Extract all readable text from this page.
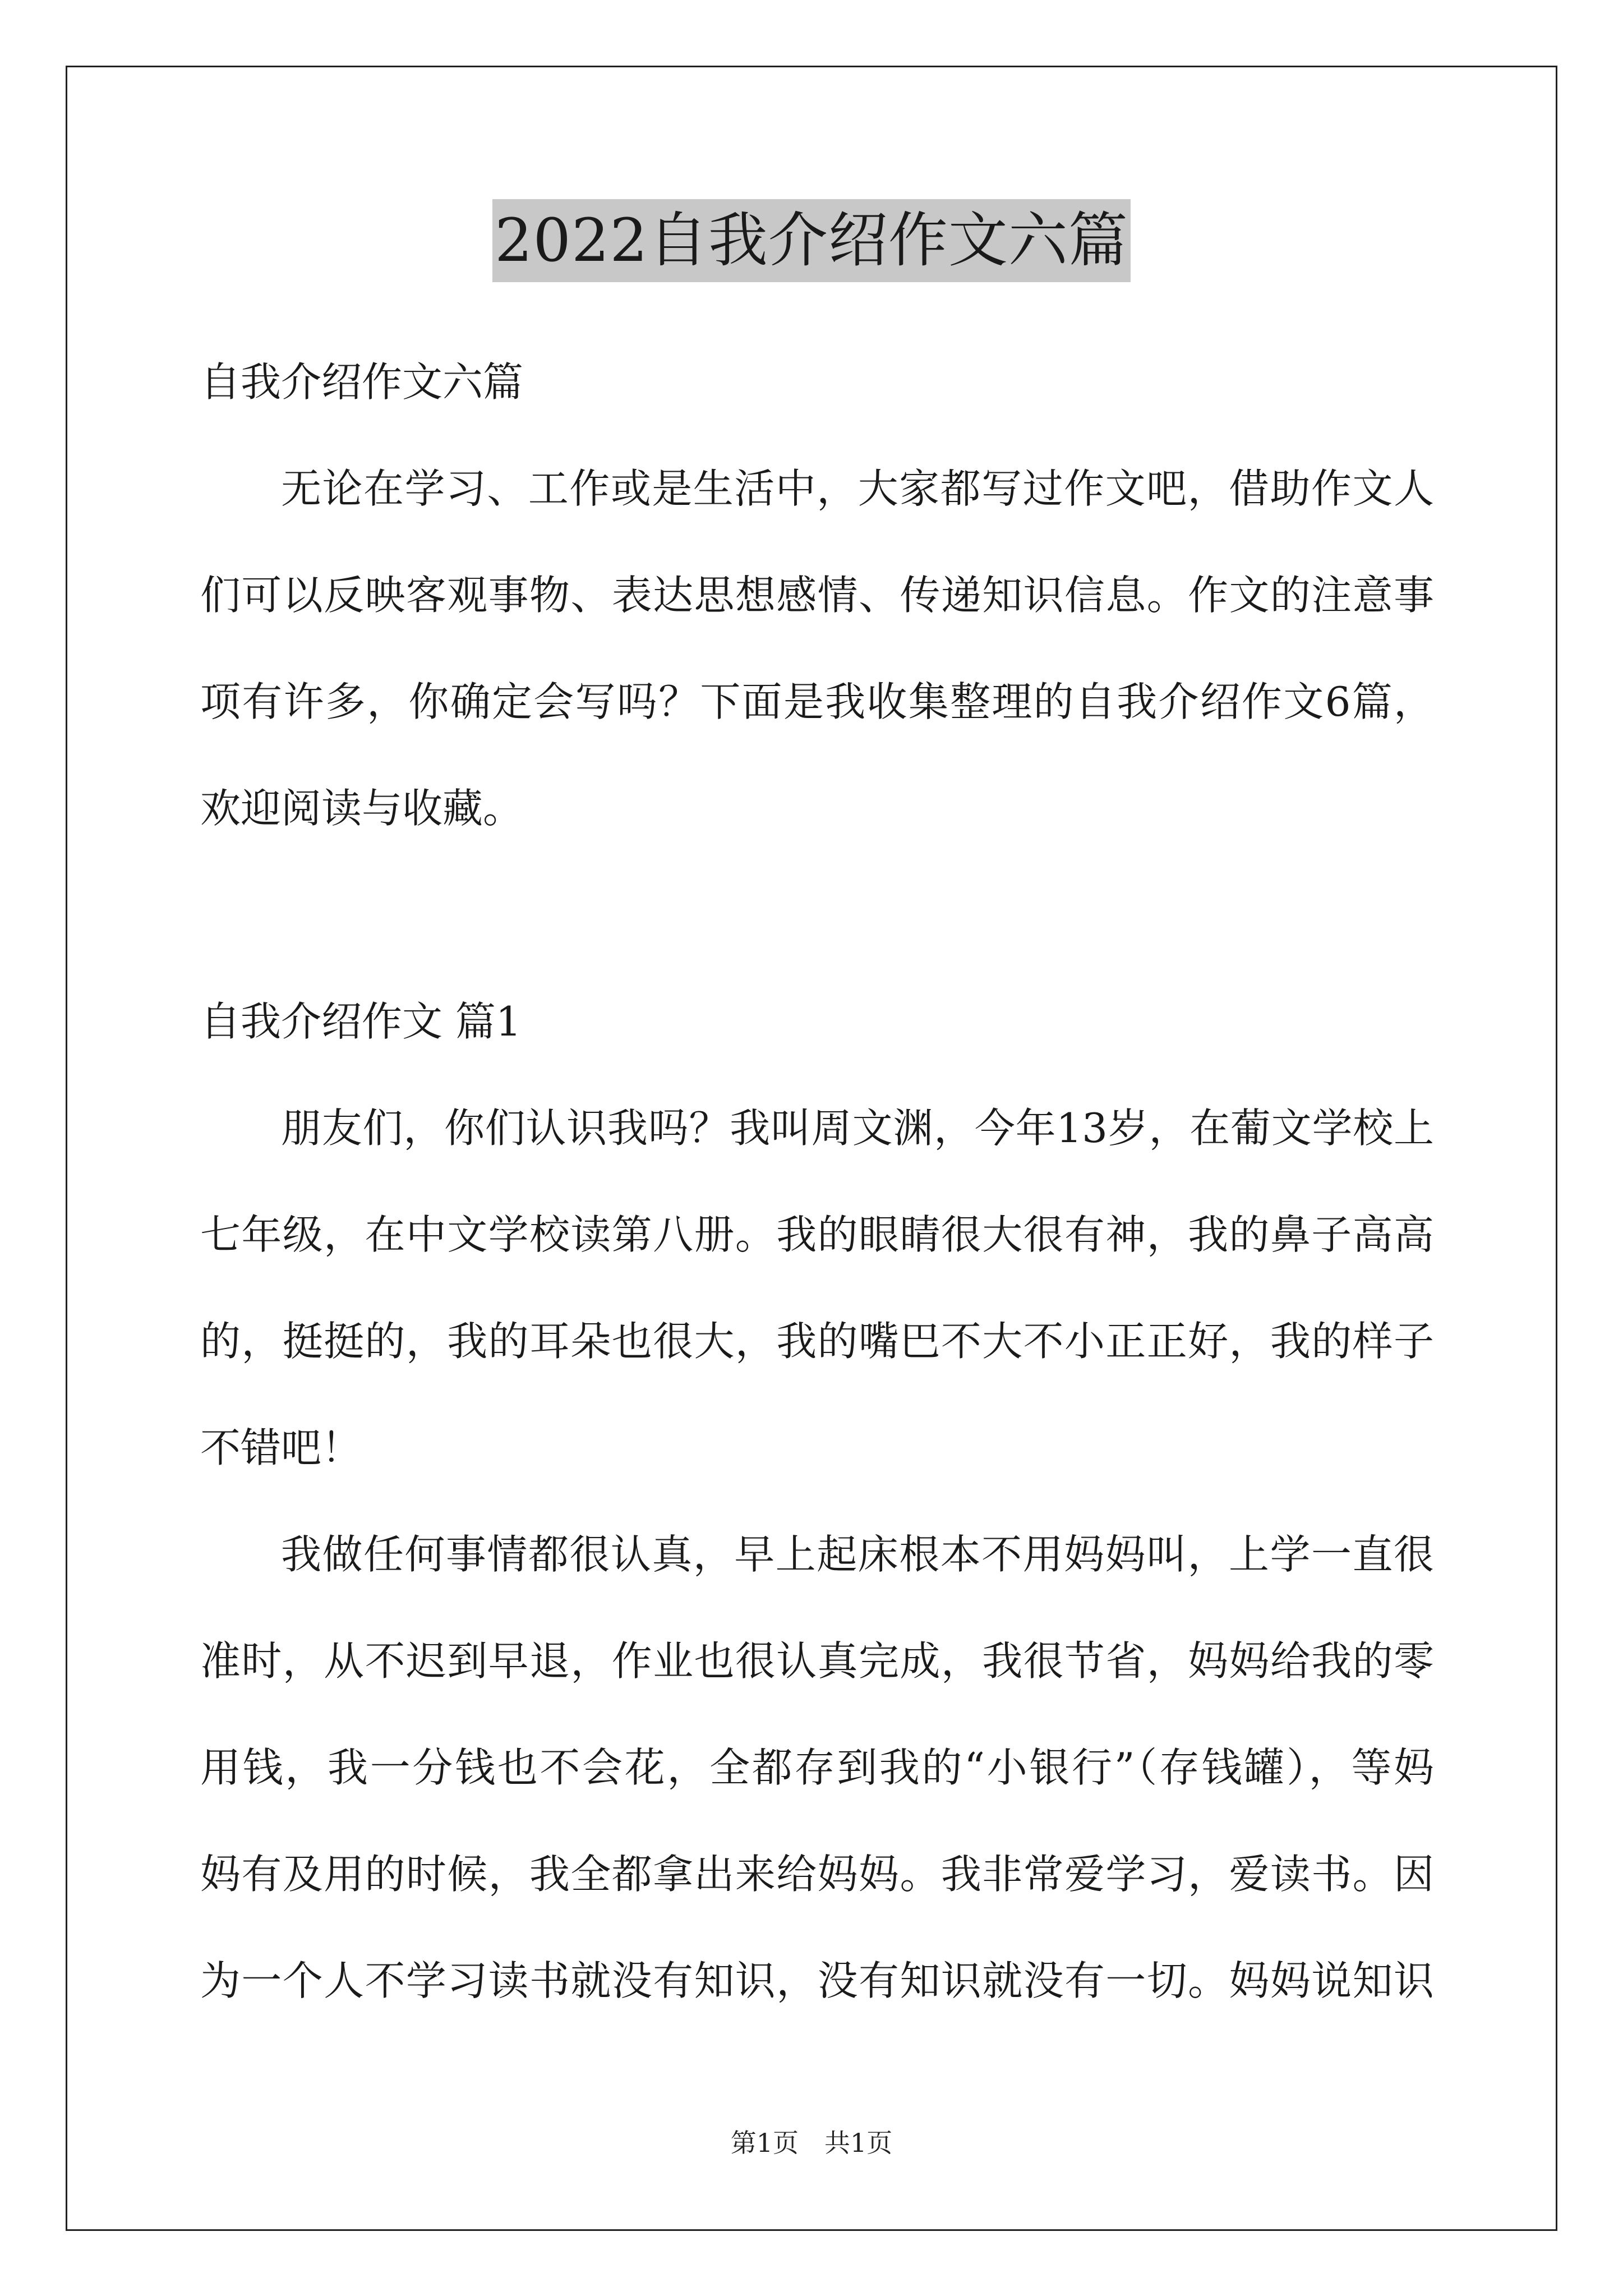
2022自我介绍作文六篇
自我介绍作文六篇
无论在学习、工作或是生活中，大家都写过作文吧，借助作文人
们可以反映客观事物、表达思想感情、传递知识信息。作文的注意事
项有许多，你确定会写吗？下面是我收集整理的自我介绍作文6篇，
欢迎阅读与收藏。
自我介绍作文 篇1
朋友们，你们认识我吗？我叫周文渊，今年13岁，在葡文学校上
七年级，在中文学校读第八册。我的眼睛很大很有神，我的鼻子高高
的，挺挺的，我的耳朵也很大，我的嘴巴不大不小正正好，我的样子
不错吧！
我做任何事情都很认真，早上起床根本不用妈妈叫，上学一直很
准时，从不迟到早退，作业也很认真完成，我很节省，妈妈给我的零
用钱，我一分钱也不会花，全都存到我的“小银行”（存钱罐），等妈
妈有及用的时候，我全都拿出来给妈妈。我非常爱学习，爱读书。因
为一个人不学习读书就没有知识，没有知识就没有一切。妈妈说知识
第1页　共1页
